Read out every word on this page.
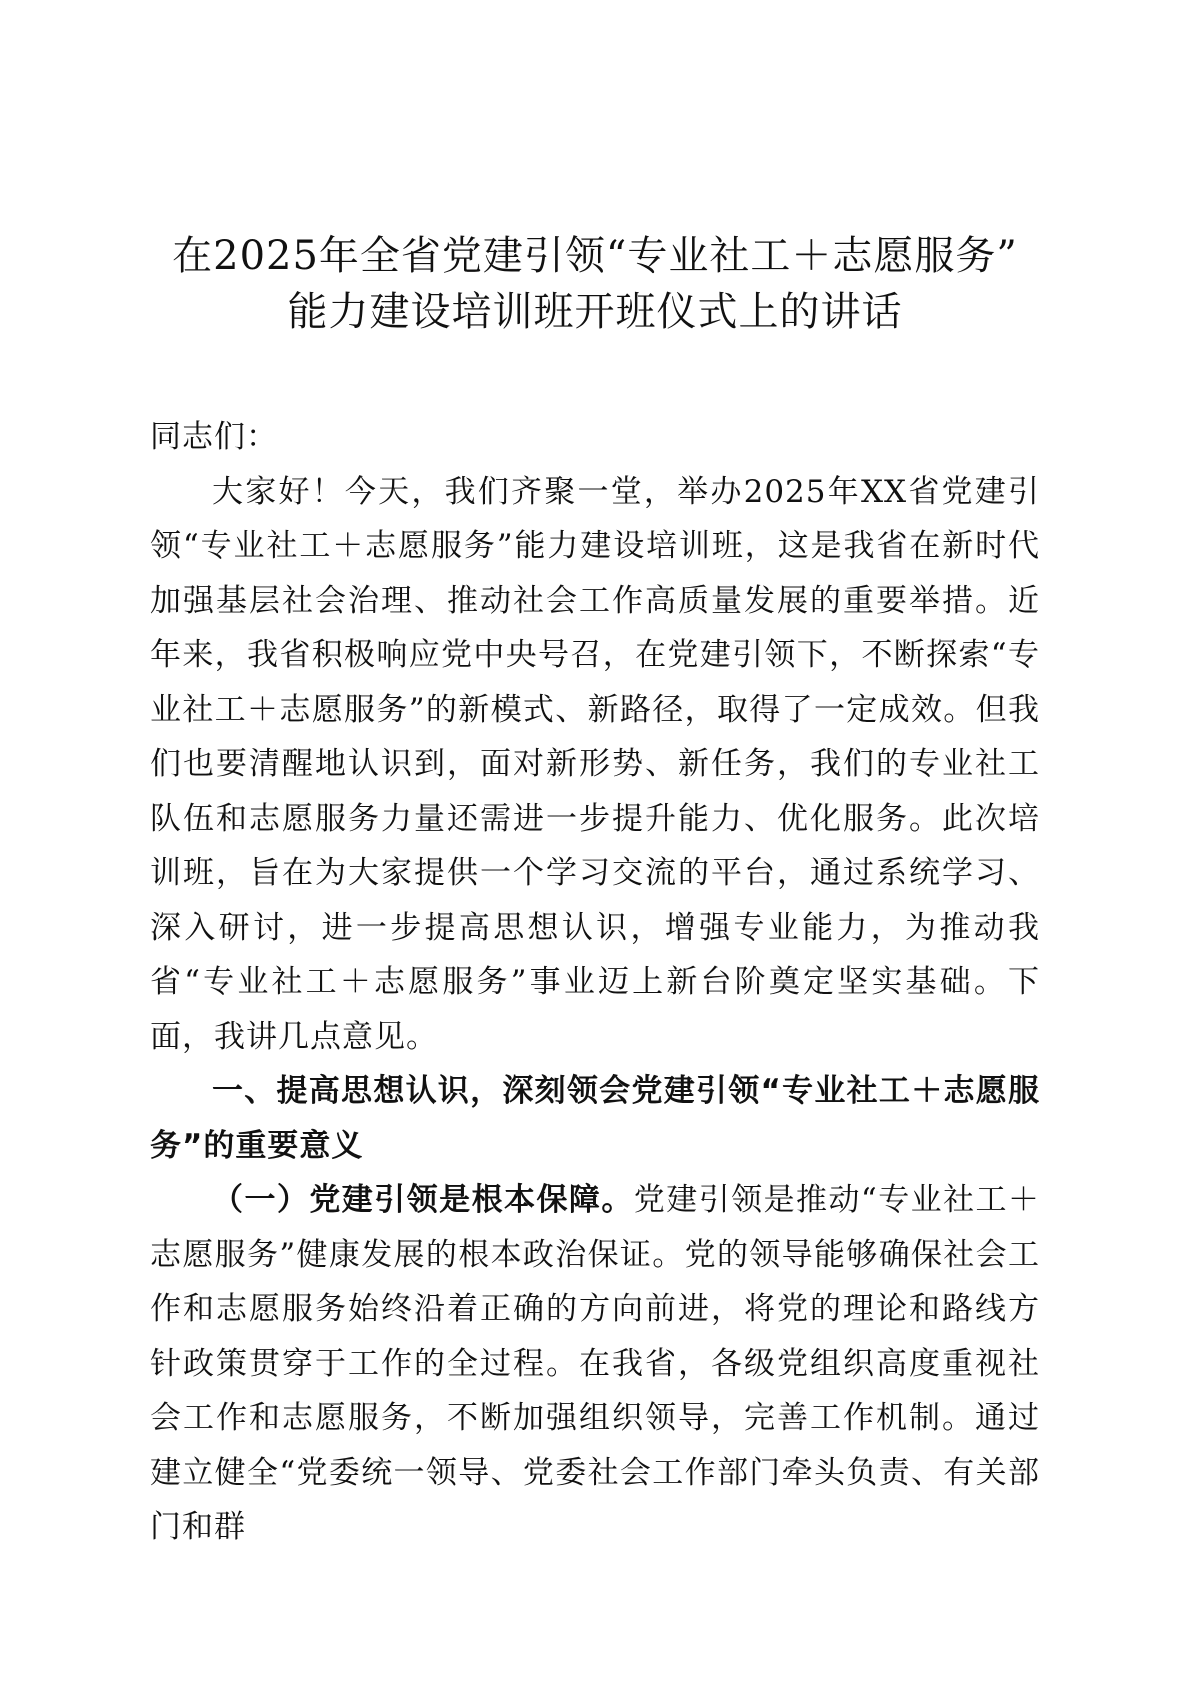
在2025年全省党建引领“专业社工＋志愿服务”
能力建设培训班开班仪式上的讲话

同志们：

大家好！今天，我们齐聚一堂，举办2025年XX省党建引领“专业社工＋志愿服务”能力建设培训班，这是我省在新时代加强基层社会治理、推动社会工作高质量发展的重要举措。近年来，我省积极响应党中央号召，在党建引领下，不断探索“专业社工＋志愿服务”的新模式、新路径，取得了一定成效。但我们也要清醒地认识到，面对新形势、新任务，我们的专业社工队伍和志愿服务力量还需进一步提升能力、优化服务。此次培训班，旨在为大家提供一个学习交流的平台，通过系统学习、深入研讨，进一步提高思想认识，增强专业能力，为推动我省“专业社工＋志愿服务”事业迈上新台阶奠定坚实基础。下面，我讲几点意见。

一、提高思想认识，深刻领会党建引领“专业社工＋志愿服务”的重要意义

（一）党建引领是根本保障。党建引领是推动“专业社工＋志愿服务”健康发展的根本政治保证。党的领导能够确保社会工作和志愿服务始终沿着正确的方向前进，将党的理论和路线方针政策贯穿于工作的全过程。在我省，各级党组织高度重视社会工作和志愿服务，不断加强组织领导，完善工作机制。通过建立健全“党委统一领导、党委社会工作部门牵头负责、有关部门和群
